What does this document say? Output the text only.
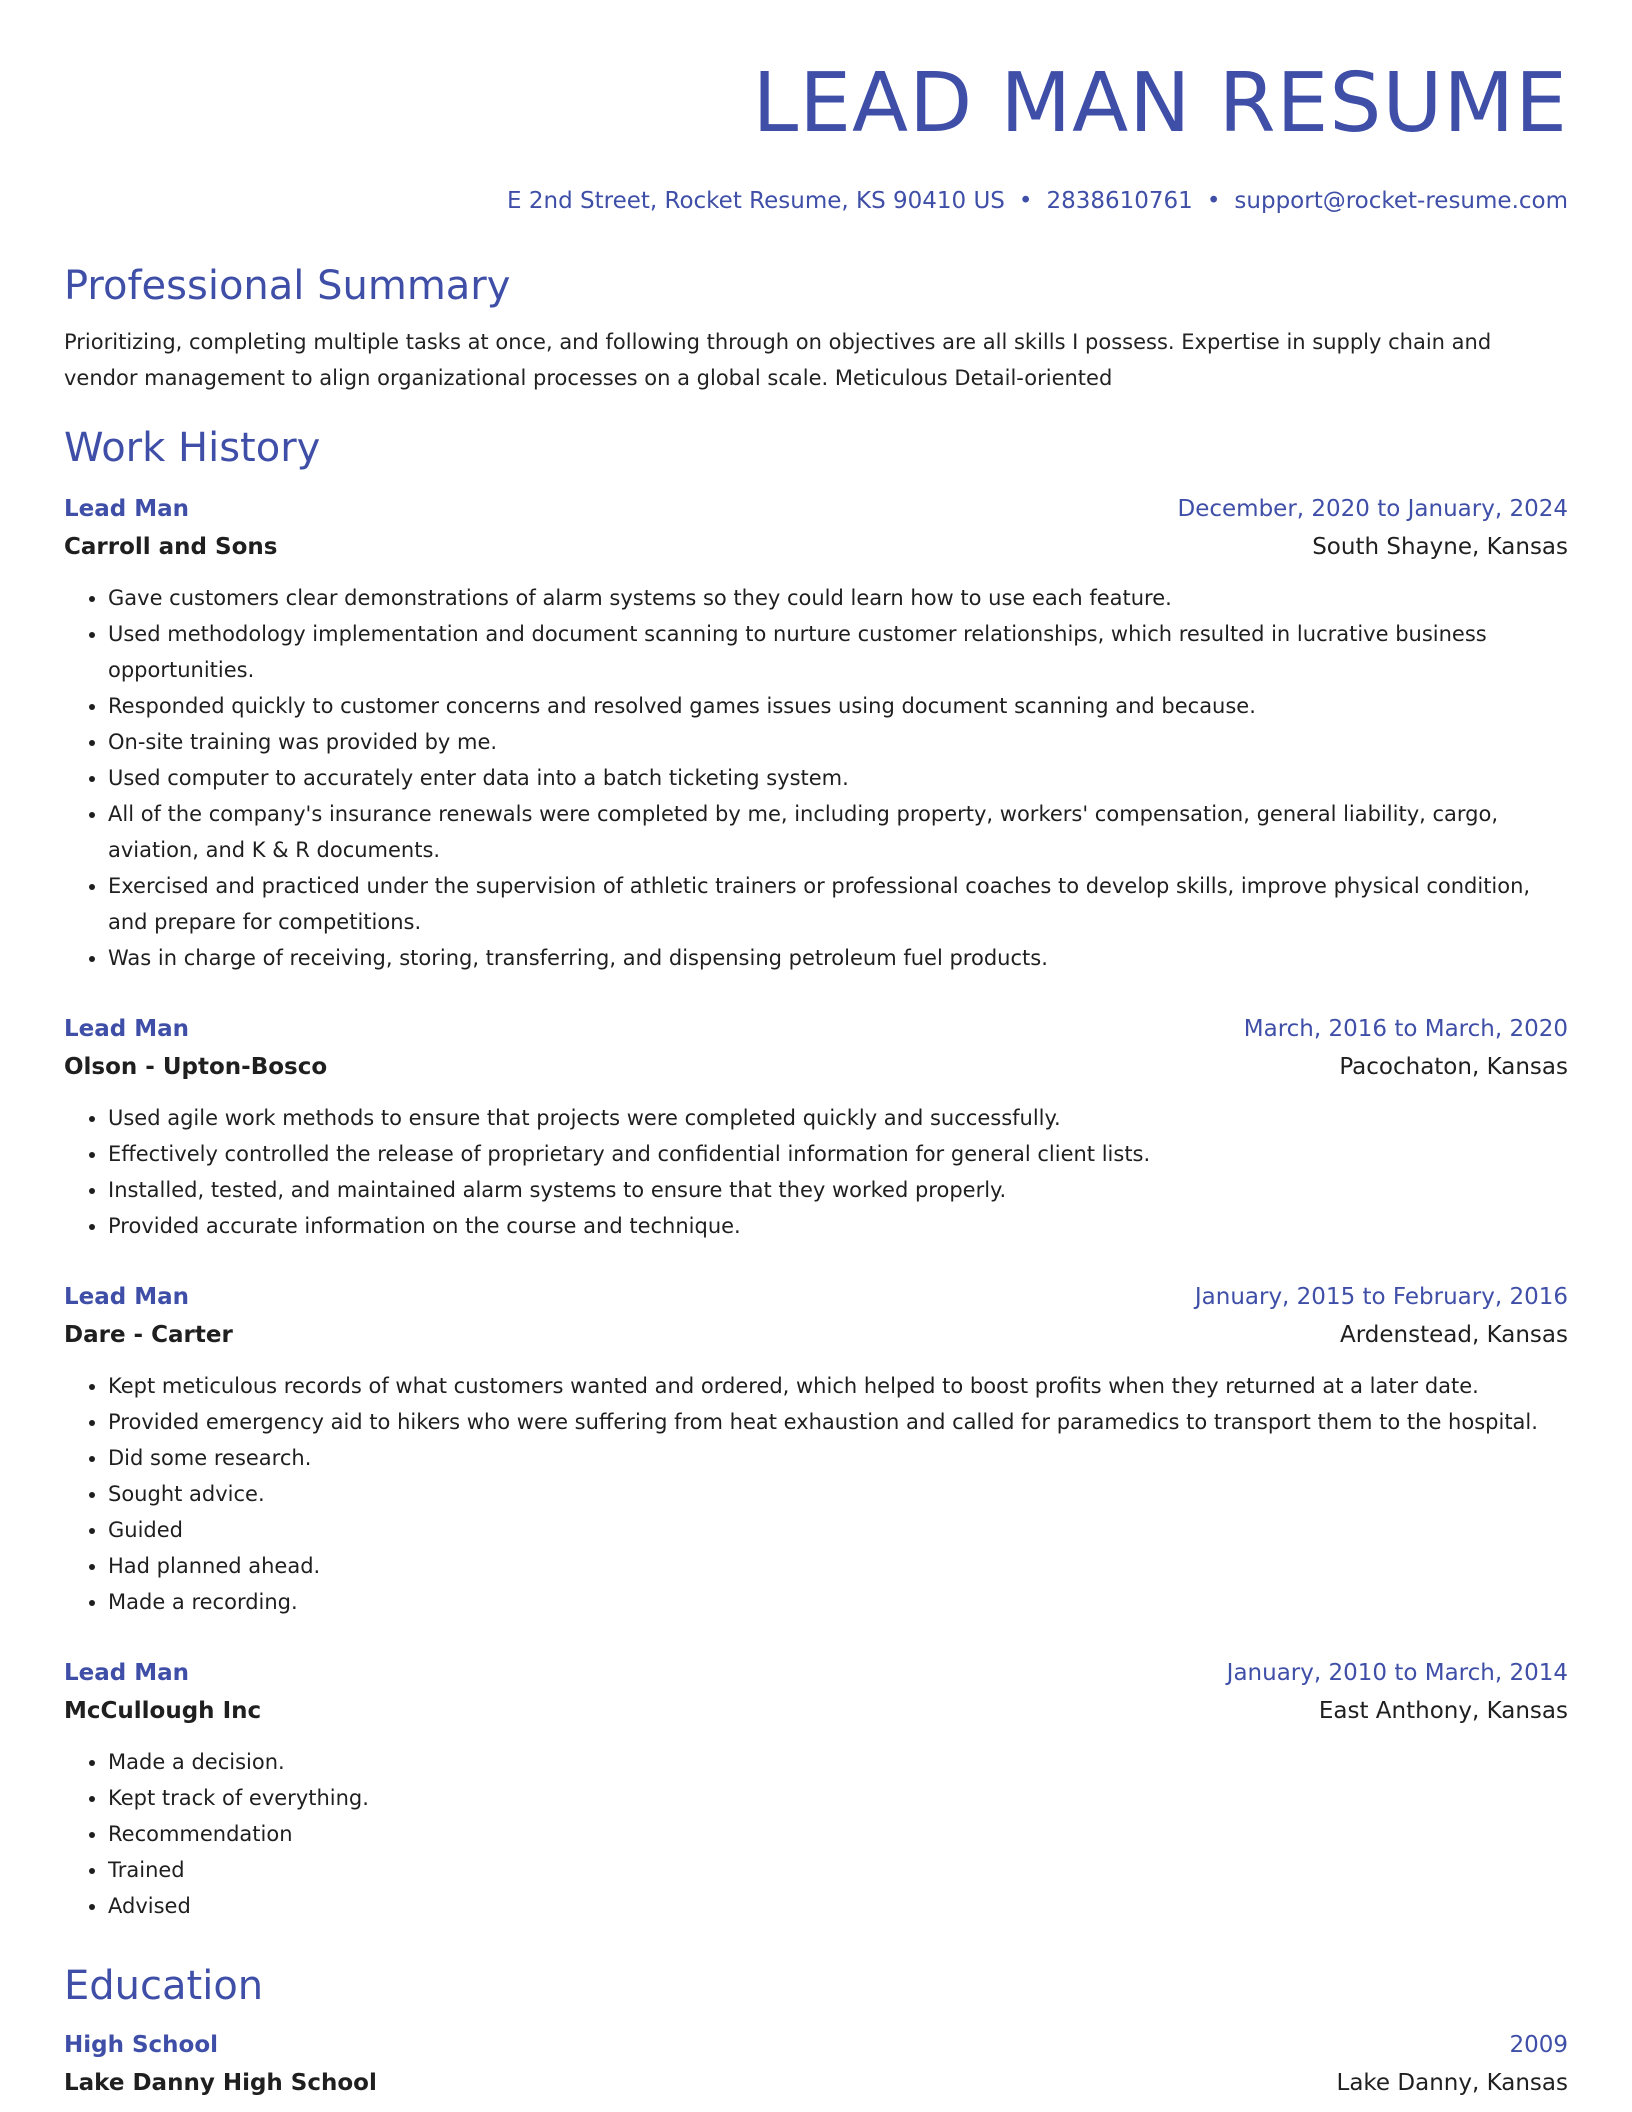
LEAD MAN RESUME
E 2nd Street, Rocket Resume, KS 90410 US • 2838610761 • support@rocket-resume.com
Professional Summary
Prioritizing, completing multiple tasks at once, and following through on objectives are all skills I possess. Expertise in supply chain and vendor management to align organizational processes on a global scale. Meticulous Detail-oriented
Work History
Lead Man	December, 2020 to January, 2024
Carroll and Sons	South Shayne, Kansas
• Gave customers clear demonstrations of alarm systems so they could learn how to use each feature.
• Used methodology implementation and document scanning to nurture customer relationships, which resulted in lucrative business opportunities.
• Responded quickly to customer concerns and resolved games issues using document scanning and because.
• On-site training was provided by me.
• Used computer to accurately enter data into a batch ticketing system.
• All of the company's insurance renewals were completed by me, including property, workers' compensation, general liability, cargo, aviation, and K & R documents.
• Exercised and practiced under the supervision of athletic trainers or professional coaches to develop skills, improve physical condition, and prepare for competitions.
• Was in charge of receiving, storing, transferring, and dispensing petroleum fuel products.
Lead Man	March, 2016 to March, 2020
Olson - Upton-Bosco	Pacochaton, Kansas
• Used agile work methods to ensure that projects were completed quickly and successfully.
• Effectively controlled the release of proprietary and confidential information for general client lists.
• Installed, tested, and maintained alarm systems to ensure that they worked properly.
• Provided accurate information on the course and technique.
Lead Man	January, 2015 to February, 2016
Dare - Carter	Ardenstead, Kansas
• Kept meticulous records of what customers wanted and ordered, which helped to boost profits when they returned at a later date.
• Provided emergency aid to hikers who were suffering from heat exhaustion and called for paramedics to transport them to the hospital.
• Did some research.
• Sought advice.
• Guided
• Had planned ahead.
• Made a recording.
Lead Man	January, 2010 to March, 2014
McCullough Inc	East Anthony, Kansas
• Made a decision.
• Kept track of everything.
• Recommendation
• Trained
• Advised
Education
High School	2009
Lake Danny High School	Lake Danny, Kansas
